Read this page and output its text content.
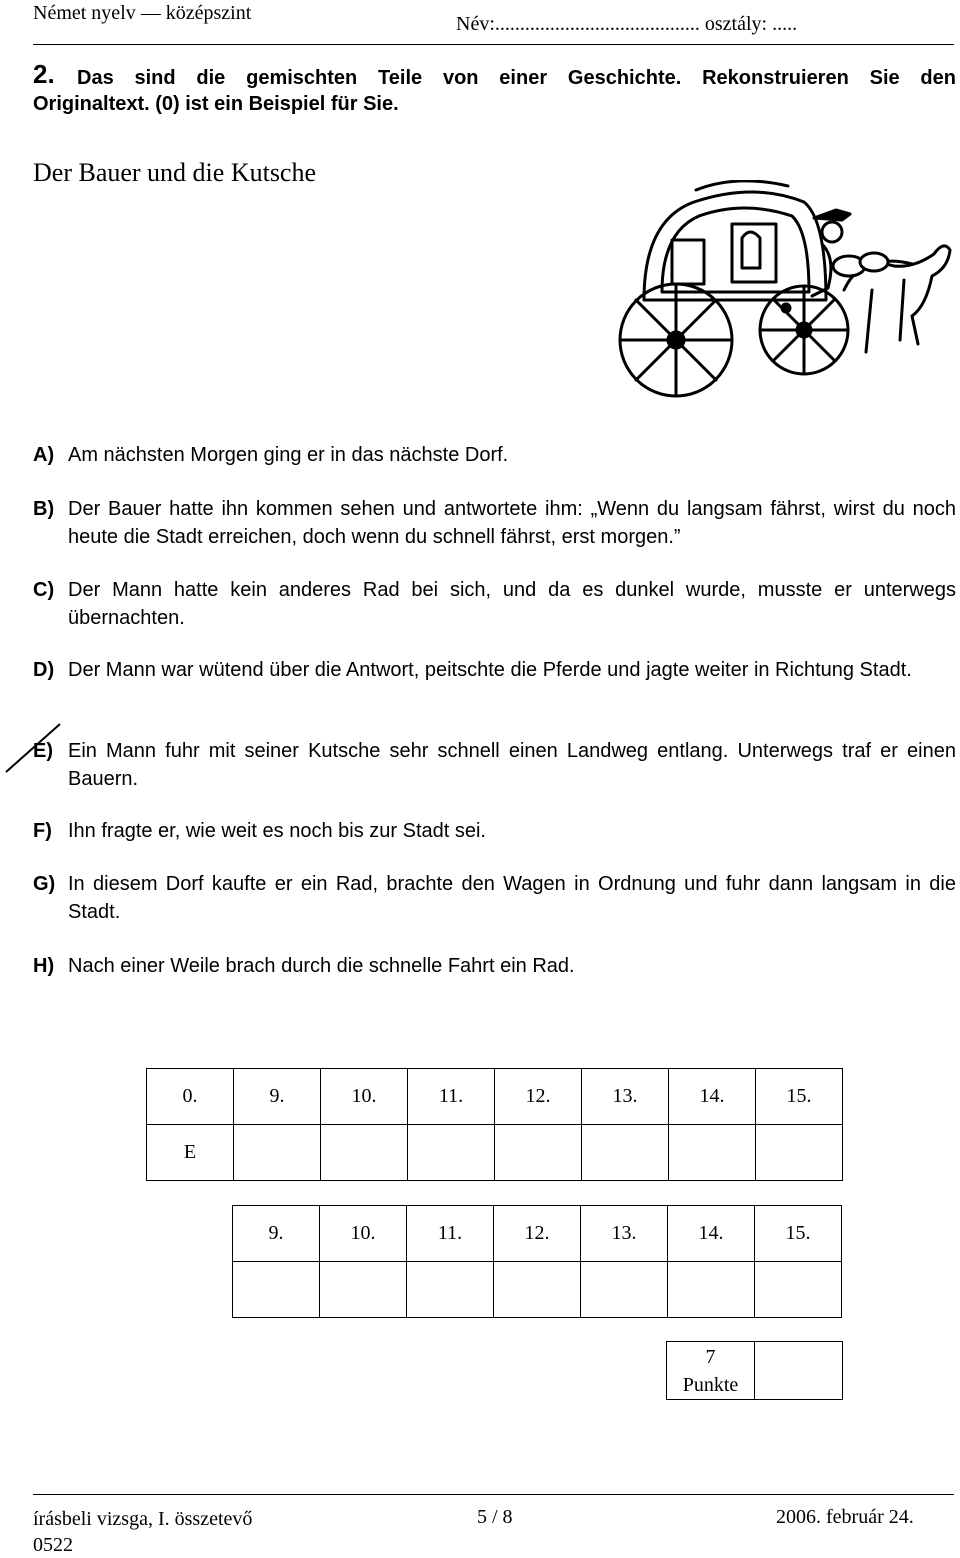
Német nyelv — középszint	Név:......................................... osztály: .....
2. Das sind die gemischten Teile von einer Geschichte. Rekonstruieren Sie den
Originaltext. (0) ist ein Beispiel für Sie.
Der Bauer und die Kutsche
A) Am nächsten Morgen ging er in das nächste Dorf.
B) Der Bauer hatte ihn kommen sehen und antwortete ihm: „Wenn du langsam fährst, wirst du noch heute die Stadt erreichen, doch wenn du schnell fährst, erst morgen.”
C) Der Mann hatte kein anderes Rad bei sich, und da es dunkel wurde, musste er unterwegs übernachten.
D) Der Mann war wütend über die Antwort, peitschte die Pferde und jagte weiter in Richtung Stadt.
E) Ein Mann fuhr mit seiner Kutsche sehr schnell einen Landweg entlang. Unterwegs traf er einen Bauern.
F) Ihn fragte er, wie weit es noch bis zur Stadt sei.
G) In diesem Dorf kaufte er ein Rad, brachte den Wagen in Ordnung und fuhr dann langsam in die Stadt.
H) Nach einer Weile brach durch die schnelle Fahrt ein Rad.
0.	9.	10.	11.	12.	13.	14.	15.
E							
9.	10.	11.	12.	13.	14.	15.

7
Punkte	
írásbeli vizsga, I. összetevő
0522
5 / 8	2006. február 24.
